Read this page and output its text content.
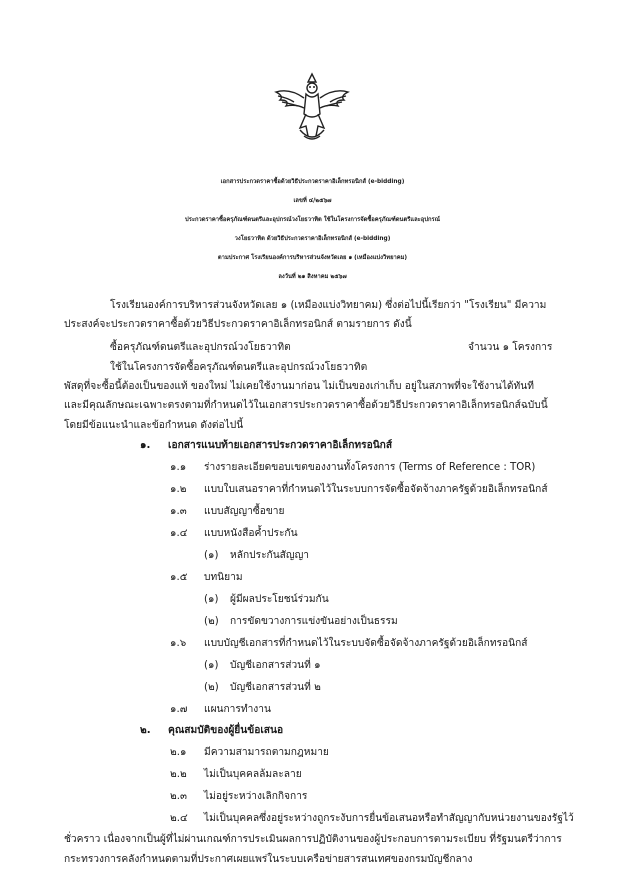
เอกสารประกวดราคาซื้อด้วยวิธีประกวดราคาอิเล็กทรอนิกส์ (e-bidding)
เลขที่ ๔/๒๕๖๗
ประกวดราคาซื้อครุภัณฑ์ดนตรีและอุปกรณ์วงโยธวาทิต ใช้ในโครงการจัดซื้อครุภัณฑ์ดนตรีและอุปกรณ์
วงโยธวาทิต ด้วยวิธีประกวดราคาอิเล็กทรอนิกส์ (e-bidding)
ตามประกาศ โรงเรียนองค์การบริหารส่วนจังหวัดเลย ๑ (เหมืองแบ่งวิทยาคม)
ลงวันที่ ๒๑ สิงหาคม ๒๕๖๗
โรงเรียนองค์การบริหารส่วนจังหวัดเลย ๑ (เหมืองแบ่งวิทยาคม) ซึ่งต่อไปนี้เรียกว่า "โรงเรียน" มีความ
ประสงค์จะประกวดราคาซื้อด้วยวิธีประกวดราคาอิเล็กทรอนิกส์ ตามรายการ ดังนี้
ซื้อครุภัณฑ์ดนตรีและอุปกรณ์วงโยธวาทิต	จำนวน ๑ โครงการ
ใช้ในโครงการจัดซื้อครุภัณฑ์ดนตรีและอุปกรณ์วงโยธวาทิต
พัสดุที่จะซื้อนี้ต้องเป็นของแท้ ของใหม่ ไม่เคยใช้งานมาก่อน ไม่เป็นของเก่าเก็บ อยู่ในสภาพที่จะใช้งานได้ทันที
และมีคุณลักษณะเฉพาะตรงตามที่กำหนดไว้ในเอกสารประกวดราคาซื้อด้วยวิธีประกวดราคาอิเล็กทรอนิกส์ฉบับนี้
โดยมีข้อแนะนำและข้อกำหนด ดังต่อไปนี้
๑. เอกสารแนบท้ายเอกสารประกวดราคาอิเล็กทรอนิกส์
๑.๑ ร่างรายละเอียดขอบเขตของงานทั้งโครงการ (Terms of Reference : TOR)
๑.๒ แบบใบเสนอราคาที่กำหนดไว้ในระบบการจัดซื้อจัดจ้างภาครัฐด้วยอิเล็กทรอนิกส์
๑.๓ แบบสัญญาซื้อขาย
๑.๔ แบบหนังสือค้ำประกัน
(๑) หลักประกันสัญญา
๑.๕ บทนิยาม
(๑) ผู้มีผลประโยชน์ร่วมกัน
(๒) การขัดขวางการแข่งขันอย่างเป็นธรรม
๑.๖ แบบบัญชีเอกสารที่กำหนดไว้ในระบบจัดซื้อจัดจ้างภาครัฐด้วยอิเล็กทรอนิกส์
(๑) บัญชีเอกสารส่วนที่ ๑
(๒) บัญชีเอกสารส่วนที่ ๒
๑.๗ แผนการทำงาน
๒. คุณสมบัติของผู้ยื่นข้อเสนอ
๒.๑ มีความสามารถตามกฎหมาย
๒.๒ ไม่เป็นบุคคลล้มละลาย
๒.๓ ไม่อยู่ระหว่างเลิกกิจการ
๒.๔ ไม่เป็นบุคคลซึ่งอยู่ระหว่างถูกระงับการยื่นข้อเสนอหรือทำสัญญากับหน่วยงานของรัฐไว้
ชั่วคราว เนื่องจากเป็นผู้ที่ไม่ผ่านเกณฑ์การประเมินผลการปฏิบัติงานของผู้ประกอบการตามระเบียบ ที่รัฐมนตรีว่าการ
กระทรวงการคลังกำหนดตามที่ประกาศเผยแพร่ในระบบเครือข่ายสารสนเทศของกรมบัญชีกลาง
